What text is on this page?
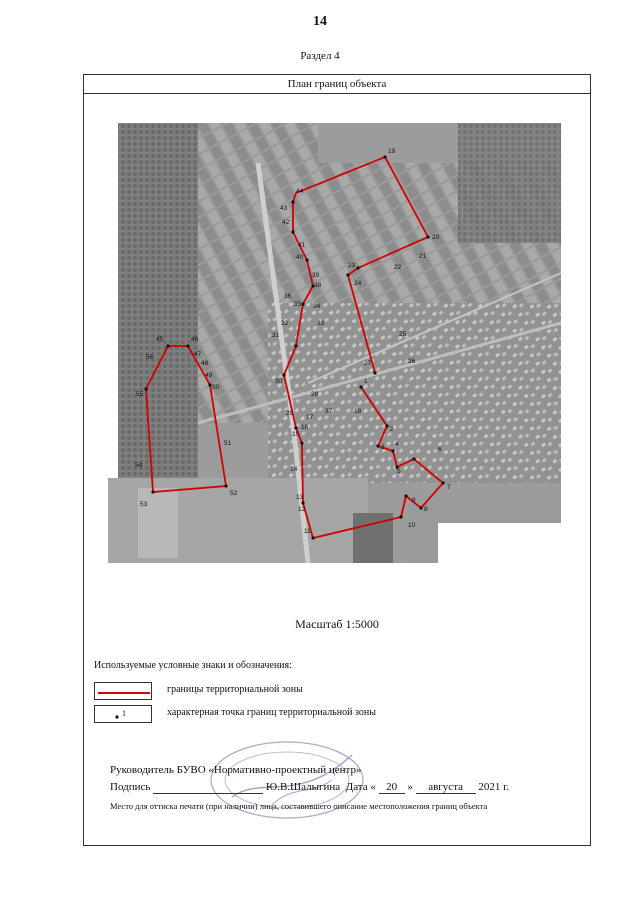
14
Раздел 4
План границ объекта
1
2
3 4
5
6
7
8
9
10
11
12
13
14
15
16
17
18
19
20
21
22
23
24
25
26
27
28
29
30
31
32	33
34
35
36
37
38
39
40
41
42
43
44
45	46
47
48
49
50
51
52
53
54
55
56
Масштаб 1:5000
Используемые условные знаки и обозначения:
границы территориальной зоны
1	характерная точка границ территориальной зоны
Руководитель БУВО «Нормативно-проектный центр»
Подпись	Ю.В.Шалыгина Дата « 20 » августа 2021 г.
Место для оттиска печати (при наличии) лица, составившего описание местоположения границ объекта
